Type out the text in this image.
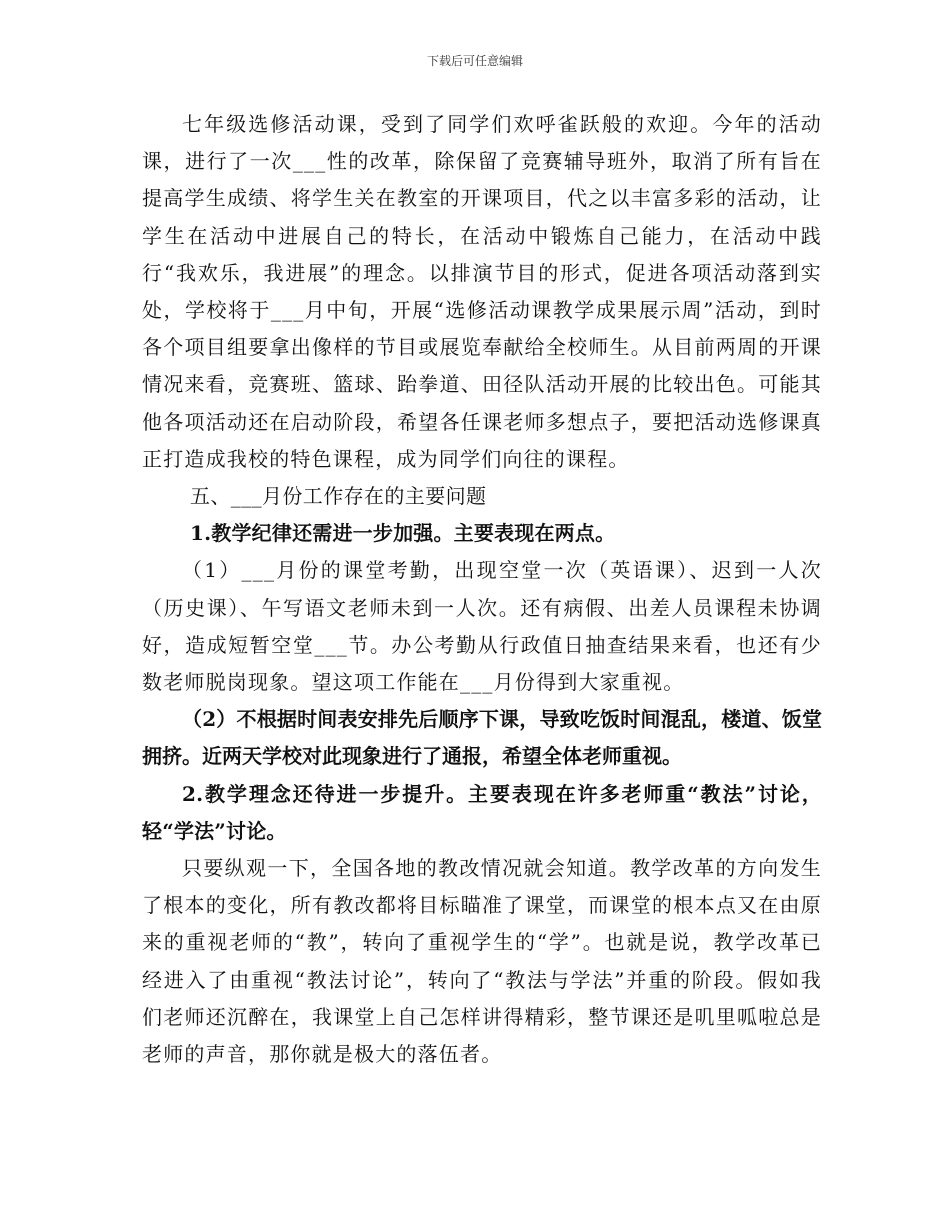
下载后可任意编辑

七年级选修活动课，受到了同学们欢呼雀跃般的欢迎。今年的活动课，进行了一次___性的改革，除保留了竞赛辅导班外，取消了所有旨在提高学生成绩、将学生关在教室的开课项目，代之以丰富多彩的活动，让学生在活动中进展自己的特长，在活动中锻炼自己能力，在活动中践行“我欢乐，我进展”的理念。以排演节目的形式，促进各项活动落到实处，学校将于___月中旬，开展“选修活动课教学成果展示周”活动，到时各个项目组要拿出像样的节目或展览奉献给全校师生。从目前两周的开课情况来看，竞赛班、篮球、跆拳道、田径队活动开展的比较出色。可能其他各项活动还在启动阶段，希望各任课老师多想点子，要把活动选修课真正打造成我校的特色课程，成为同学们向往的课程。

五、___月份工作存在的主要问题

1.教学纪律还需进一步加强。主要表现在两点。

（1）___月份的课堂考勤，出现空堂一次（英语课）、迟到一人次（历史课）、午写语文老师未到一人次。还有病假、出差人员课程未协调好，造成短暂空堂___节。办公考勤从行政值日抽查结果来看，也还有少数老师脱岗现象。望这项工作能在___月份得到大家重视。

（2）不根据时间表安排先后顺序下课，导致吃饭时间混乱，楼道、饭堂拥挤。近两天学校对此现象进行了通报，希望全体老师重视。

2.教学理念还待进一步提升。主要表现在许多老师重“教法”讨论，轻“学法”讨论。

只要纵观一下，全国各地的教改情况就会知道。教学改革的方向发生了根本的变化，所有教改都将目标瞄准了课堂，而课堂的根本点又在由原来的重视老师的“教”，转向了重视学生的“学”。也就是说，教学改革已经进入了由重视“教法讨论”，转向了“教法与学法”并重的阶段。假如我们老师还沉醉在，我课堂上自己怎样讲得精彩，整节课还是叽里呱啦总是老师的声音，那你就是极大的落伍者。
